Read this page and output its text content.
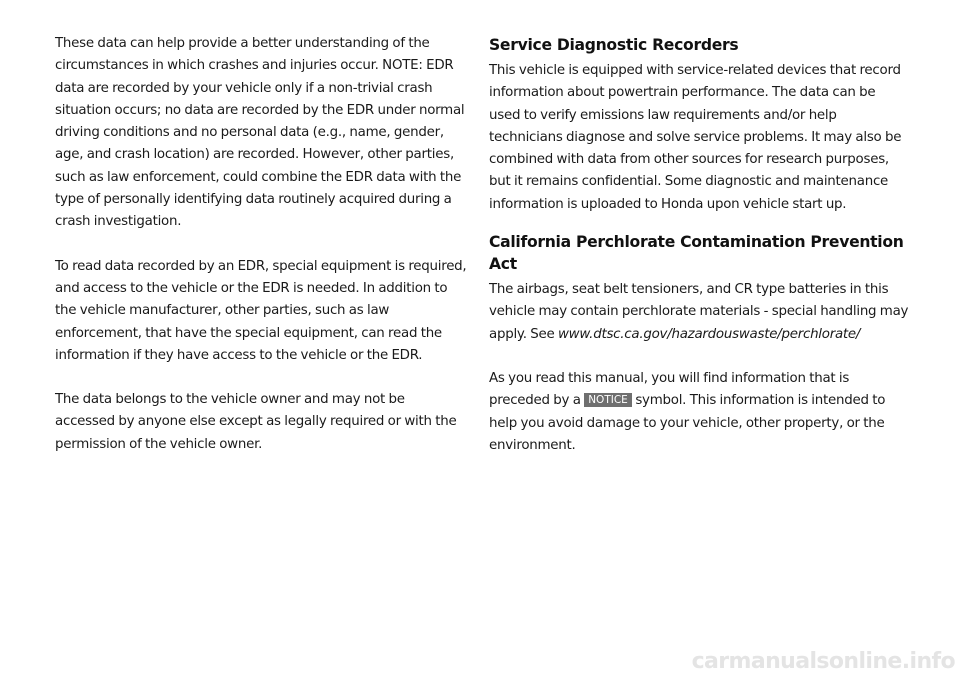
These data can help provide a better understanding of the circumstances in which crashes and injuries occur. NOTE: EDR data are recorded by your vehicle only if a non-trivial crash situation occurs; no data are recorded by the EDR under normal driving conditions and no personal data (e.g., name, gender, age, and crash location) are recorded. However, other parties, such as law enforcement, could combine the EDR data with the type of personally identifying data routinely acquired during a crash investigation.

To read data recorded by an EDR, special equipment is required, and access to the vehicle or the EDR is needed. In addition to the vehicle manufacturer, other parties, such as law enforcement, that have the special equipment, can read the information if they have access to the vehicle or the EDR.

The data belongs to the vehicle owner and may not be accessed by anyone else except as legally required or with the permission of the vehicle owner.

Service Diagnostic Recorders

This vehicle is equipped with service-related devices that record information about powertrain performance. The data can be used to verify emissions law requirements and/or help technicians diagnose and solve service problems. It may also be combined with data from other sources for research purposes, but it remains confidential. Some diagnostic and maintenance information is uploaded to Honda upon vehicle start up.

California Perchlorate Contamination Prevention Act

The airbags, seat belt tensioners, and CR type batteries in this vehicle may contain perchlorate materials - special handling may apply. See www.dtsc.ca.gov/hazardouswaste/perchlorate/

As you read this manual, you will find information that is preceded by a NOTICE symbol. This information is intended to help you avoid damage to your vehicle, other property, or the environment.

carmanualsonline.info
